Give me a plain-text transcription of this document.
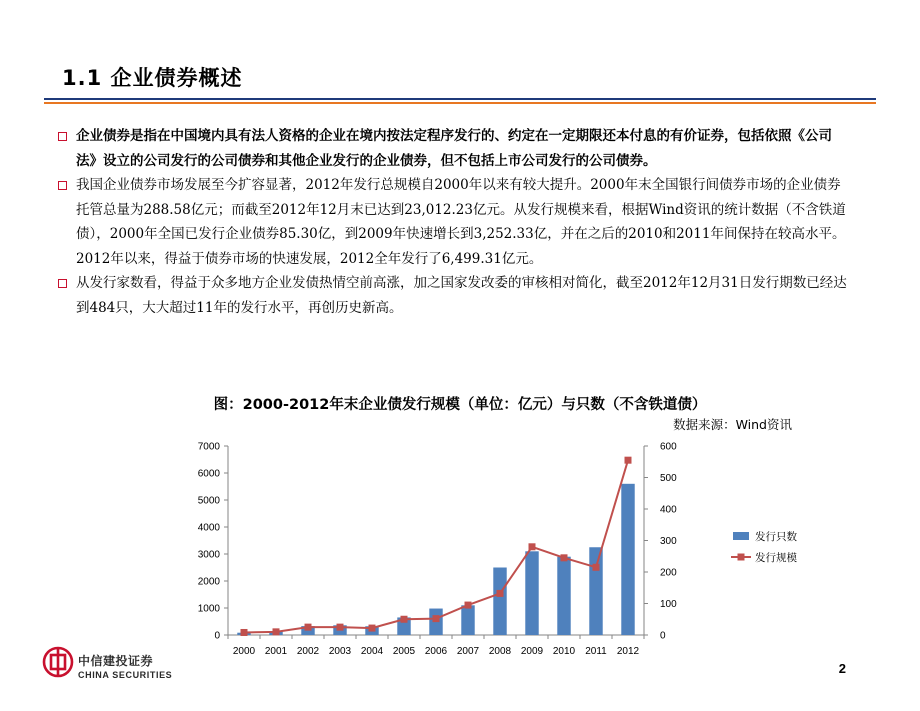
1.1 企业债券概述
企业债券是指在中国境内具有法人资格的企业在境内按法定程序发行的、约定在一定期限还本付息的有价证券，包括依照《公司法》设立的公司发行的公司债券和其他企业发行的企业债券，但不包括上市公司发行的公司债券。
我国企业债券市场发展至今扩容显著，2012年发行总规模自2000年以来有较大提升。2000年末全国银行间债券市场的企业债券托管总量为288.58亿元；而截至2012年12月末已达到23,012.23亿元。从发行规模来看，根据Wind资讯的统计数据（不含铁道债），2000年全国已发行企业债券85.30亿，到2009年快速增长到3,252.33亿，并在之后的2010和2011年间保持在较高水平。2012年以来，得益于债券市场的快速发展，2012全年发行了6,499.31亿元。
从发行家数看，得益于众多地方企业发债热情空前高涨，加之国家发改委的审核相对简化，截至2012年12月31日发行期数已经达到484只，大大超过11年的发行水平，再创历史新高。
图：2000-2012年末企业债发行规模（单位：亿元）与只数（不含铁道债）
数据来源：Wind资讯
0
1000
2000
3000
4000
5000
6000
7000
0
100
200
300
400
500
600
2000 2001 2002 2003 2004 2005 2006 2007 2008 2009 2010 2011 2012
发行只数
发行规模
中信建投证券
CHINA SECURITIES	2
